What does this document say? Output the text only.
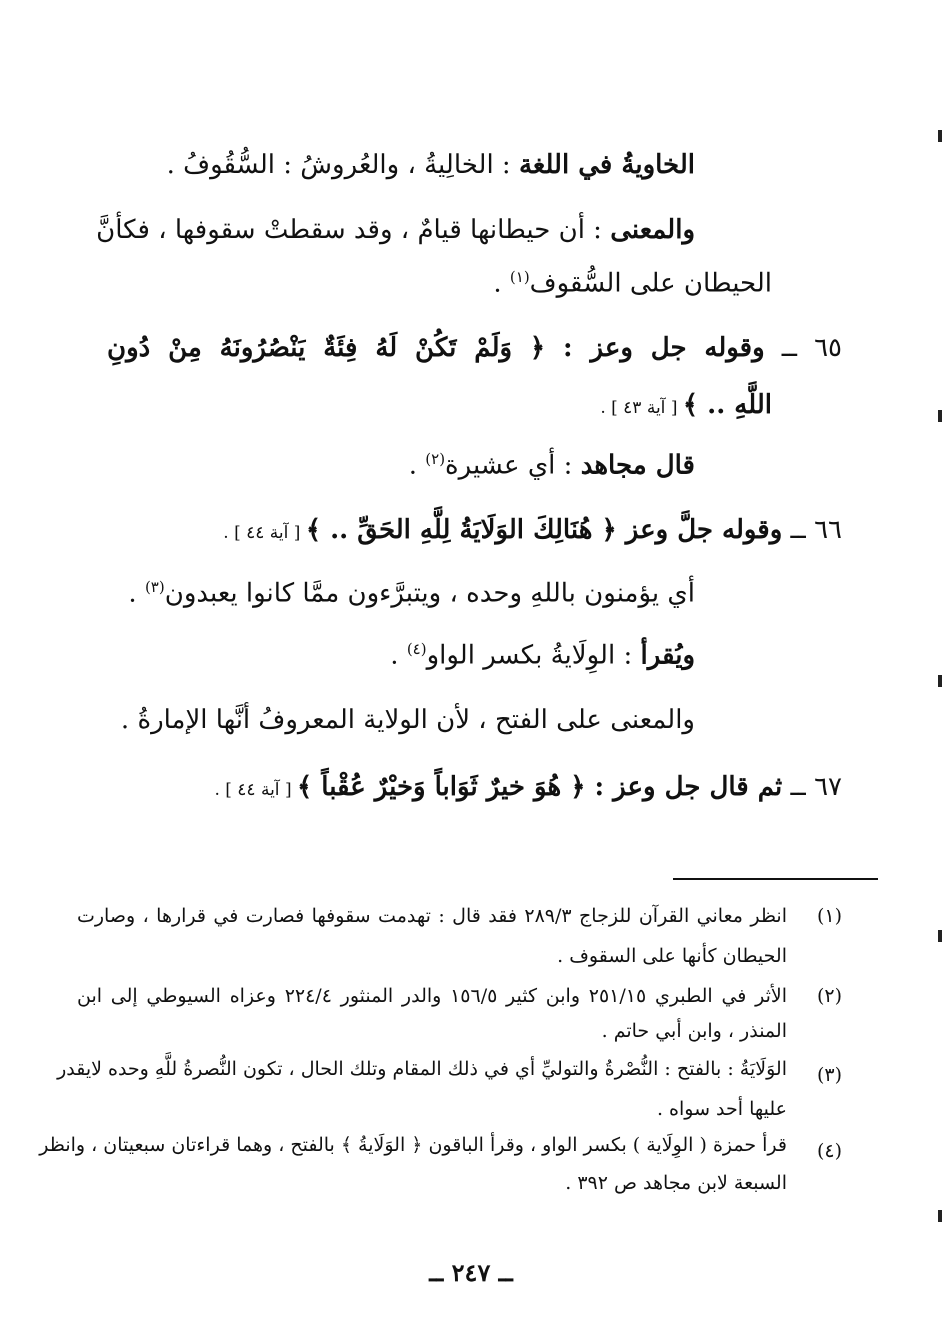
الخاويةُ في اللغة : الخالِيةُ ، والعُروشُ : السُّقُوفُ .
والمعنى : أن حيطانها قيامٌ ، وقد سقطتْ سقوفها ، فكأنَّ
الحيطان على السُّقوف$^{(١)}$ .
٦٥ ــ وقوله جل وعز : ﴿ وَلَمْ تَكُنْ لَهُ فِئَةٌ يَنْصُرُونَهُ مِنْ دُونِ
اللَّهِ .. ﴾ [ آية ٤٣ ] .
قال مجاهد : أي عشيرة$^{(٢)}$ .
٦٦ ــ وقوله جلَّ وعز ﴿ هُنَالِكَ الوَلَايَةُ لِلَّهِ الحَقِّ .. ﴾ [ آية ٤٤ ] .
أي يؤمنون باللهِ وحده ، ويتبرَّءون ممَّا كانوا يعبدون$^{(٣)}$ .
ويُقرأ : الوِلَايةُ بكسر الواو$^{(٤)}$ .
والمعنى على الفتح ، لأن الولاية المعروفُ أنَّها الإمارةُ .
٦٧ ــ ثم قال جل وعز : ﴿ هُوَ خيرٌ ثَوَاباً وَخيْرٌ عُقْباً ﴾ [ آية ٤٤ ] .
(١)
انظر معاني القرآن للزجاج ٢٨٩/٣ فقد قال : تهدمت سقوفها فصارت في قرارها ، وصارت
الحيطان كأنها على السقوف .
(٢)
الأثر في الطبري ٢٥١/١٥ وابن كثير ١٥٦/٥ والدر المنثور ٢٢٤/٤ وعزاه السيوطي إلى ابن
المنذر ، وابن أبي حاتم .
(٣)
الوَلَايَةُ : بالفتح : النُّصْرةُ والتوليِّ أي في ذلك المقام وتلك الحال ، تكون النُّصرةُ للَّهِ وحده لايقدر
عليها أحد سواه .
(٤)
قرأ حمزة ( الوِلَاية ) بكسر الواو ، وقرأ الباقون ﴿ الوَلَايةُ ﴾ بالفتح ، وهما قراءتان سبعيتان ، وانظر
السبعة لابن مجاهد ص ٣٩٢ .
ــ ٢٤٧ ــ
